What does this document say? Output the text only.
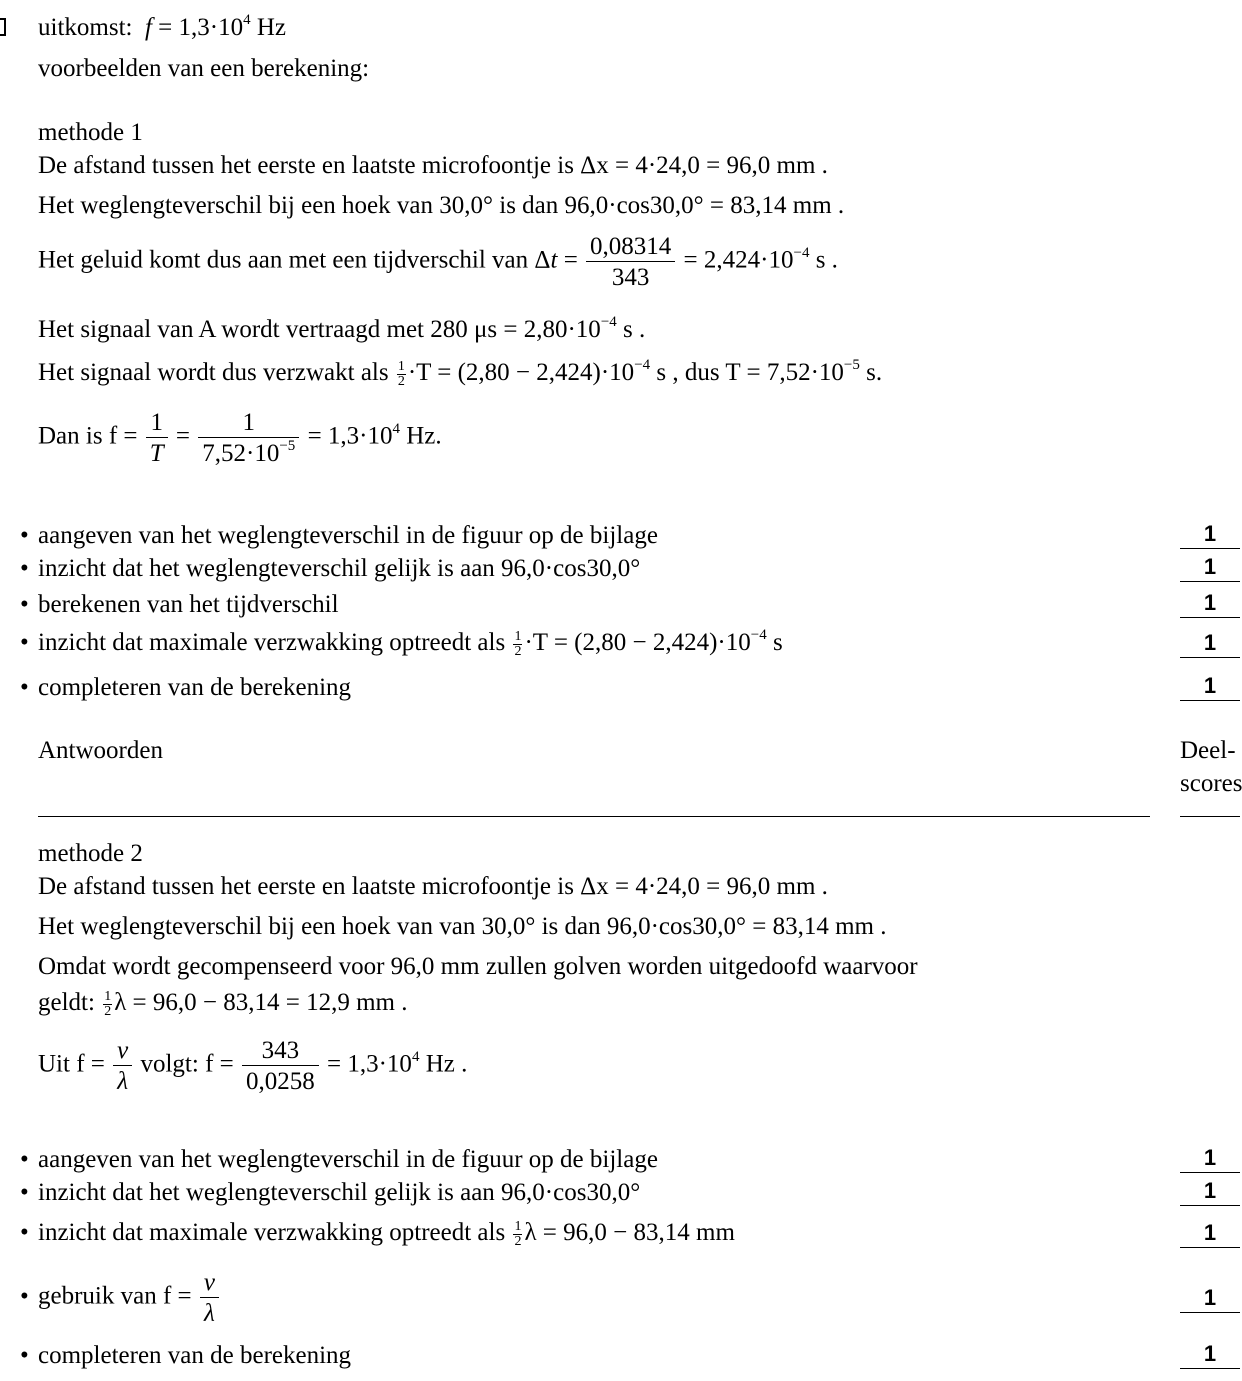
uitkomst: $f = 1,3\cdot 10^4$ Hz
voorbeelden van een berekening:
methode 1
De afstand tussen het eerste en laatste microfoontje is Δx = 4·24,0 = 96,0 mm .
Het weglengteverschil bij een hoek van 30,0° is dan 96,0·cos30,0° = 83,14 mm .
Het geluid komt dus aan met een tijdverschil van $\Delta t = \frac{0,08314}{343} = 2,424\cdot 10^{-4}$ s .
Het signaal van A wordt vertraagd met 280 $\mu s = 2,80\cdot 10^{-4}$ s .
Het signaal wordt dus verzwakt als $\frac{1}{2} \cdot T = (2,80 - 2,424)\cdot 10^{-4}$ s , dus $T = 7,52\cdot 10^{-5}$ s.
Dan is $f = \frac{1}{T} = \frac{1}{7,52\cdot 10^{-5}} = 1,3\cdot 10^4$ Hz.
• aangeven van het weglengteverschil in de figuur op de bijlage	1
• inzicht dat het weglengteverschil gelijk is aan 96,0·cos30,0°	1
• berekenen van het tijdverschil	1
• inzicht dat maximale verzwakking optreedt als $\frac{1}{2} \cdot T = (2,80 - 2,424)\cdot 10^{-4}$ s	1
• completeren van de berekening	1
Antwoorden	Deel-
scores
methode 2
De afstand tussen het eerste en laatste microfoontje is Δx = 4·24,0 = 96,0 mm .
Het weglengteverschil bij een hoek van van 30,0° is dan 96,0·cos30,0° = 83,14 mm .
Omdat wordt gecompenseerd voor 96,0 mm zullen golven worden uitgedoofd waarvoor
geldt: $\frac{1}{2}$ λ = 96,0 − 83,14 = 12,9 mm .
Uit $f = \frac{v}{\lambda} volgt$: $f = \frac{343}{0,0258} = 1,3\cdot 10^4$ Hz .
• aangeven van het weglengteverschil in de figuur op de bijlage	1
• inzicht dat het weglengteverschil gelijk is aan 96,0·cos30,0°	1
• inzicht dat maximale verzwakking optreedt als $\frac{1}{2}$ λ = 96,0 − 83,14 mm	1
• gebruik van $f = \frac{v}{\lambda}$	1
• completeren van de berekening	1
